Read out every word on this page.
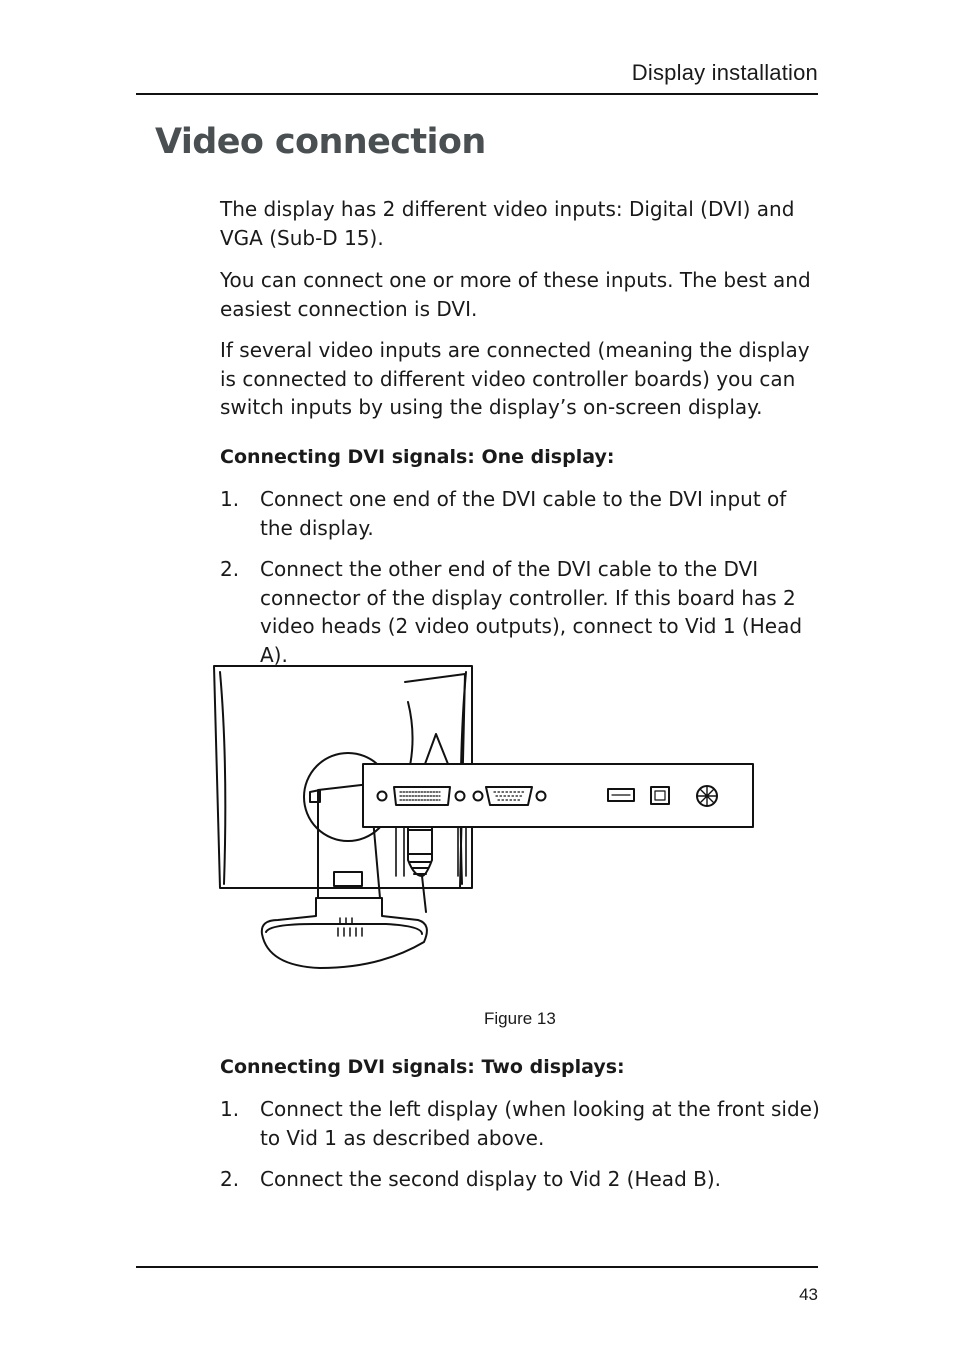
Display installation
Video connection

The display has 2 different video inputs: Digital (DVI) and VGA (Sub-D 15).

You can connect one or more of these inputs. The best and easiest connection is DVI.

If several video inputs are connected (meaning the display is connected to different video controller boards) you can switch inputs by using the display’s on-screen display.

Connecting DVI signals: One display:
1. Connect one end of the DVI cable to the DVI input of the display.
2. Connect the other end of the DVI cable to the DVI connector of the display controller. If this board has 2 video heads (2 video outputs), connect to Vid 1 (Head A).
Figure 13
Connecting DVI signals: Two displays:
1. Connect the left display (when looking at the front side) to Vid 1 as described above.
2. Connect the second display to Vid 2 (Head B).
43
